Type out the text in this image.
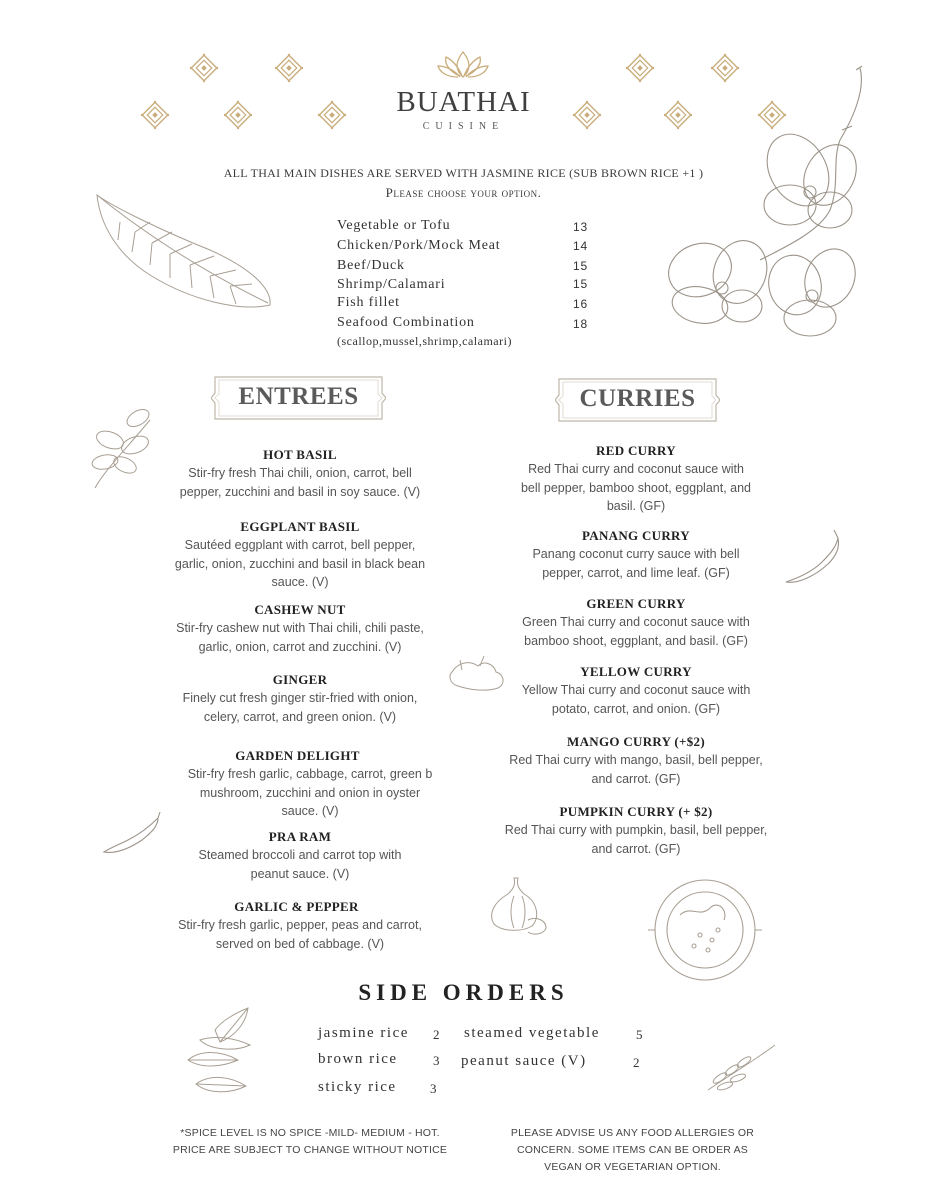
BUATHAI
CUISINE
ALL THAI MAIN DISHES ARE SERVED WITH JASMINE RICE (SUB BROWN RICE +1 )
Please choose your option.
Vegetable or Tofu	13
Chicken/Pork/Mock Meat	14
Beef/Duck	15
Shrimp/Calamari	15
Fish fillet	16
Seafood Combination	18
(scallop,mussel,shrimp,calamari)
ENTREES	CURRIES
HOT BASIL
Stir-fry fresh Thai chili, onion, carrot, bell
pepper, zucchini and basil in soy sauce. (V)
EGGPLANT BASIL
Sautéed eggplant with carrot, bell pepper,
garlic, onion, zucchini and basil in black bean
sauce. (V)
CASHEW NUT
Stir-fry cashew nut with Thai chili, chili paste,
garlic, onion, carrot and zucchini. (V)
GINGER
Finely cut fresh ginger stir-fried with onion,
celery, carrot, and green onion. (V)
GARDEN DELIGHT
Stir-fry fresh garlic, cabbage, carrot, green b
mushroom, zucchini and onion in oyster
sauce. (V)
PRA RAM
Steamed broccoli and carrot top with
peanut sauce. (V)
GARLIC & PEPPER
Stir-fry fresh garlic, pepper, peas and carrot,
served on bed of cabbage. (V)
RED CURRY
Red Thai curry and coconut sauce with
bell pepper, bamboo shoot, eggplant, and
basil. (GF)
PANANG CURRY
Panang coconut curry sauce with bell
pepper, carrot, and lime leaf. (GF)
GREEN CURRY
Green Thai curry and coconut sauce with
bamboo shoot, eggplant, and basil. (GF)
YELLOW CURRY
Yellow Thai curry and coconut sauce with
potato, carrot, and onion. (GF)
MANGO CURRY (+$2)
Red Thai curry with mango, basil, bell pepper,
and carrot. (GF)
PUMPKIN CURRY (+ $2)
Red Thai curry with pumpkin, basil, bell pepper,
and carrot. (GF)
SIDE ORDERS
jasmine rice 2
brown rice	3
sticky rice	3
steamed vegetable	5
peanut sauce (V)	2
*SPICE LEVEL IS NO SPICE -MILD- MEDIUM - HOT.
PRICE ARE SUBJECT TO CHANGE WITHOUT NOTICE
PLEASE ADVISE US ANY FOOD ALLERGIES OR
CONCERN. SOME ITEMS CAN BE ORDER AS
VEGAN OR VEGETARIAN OPTION.
